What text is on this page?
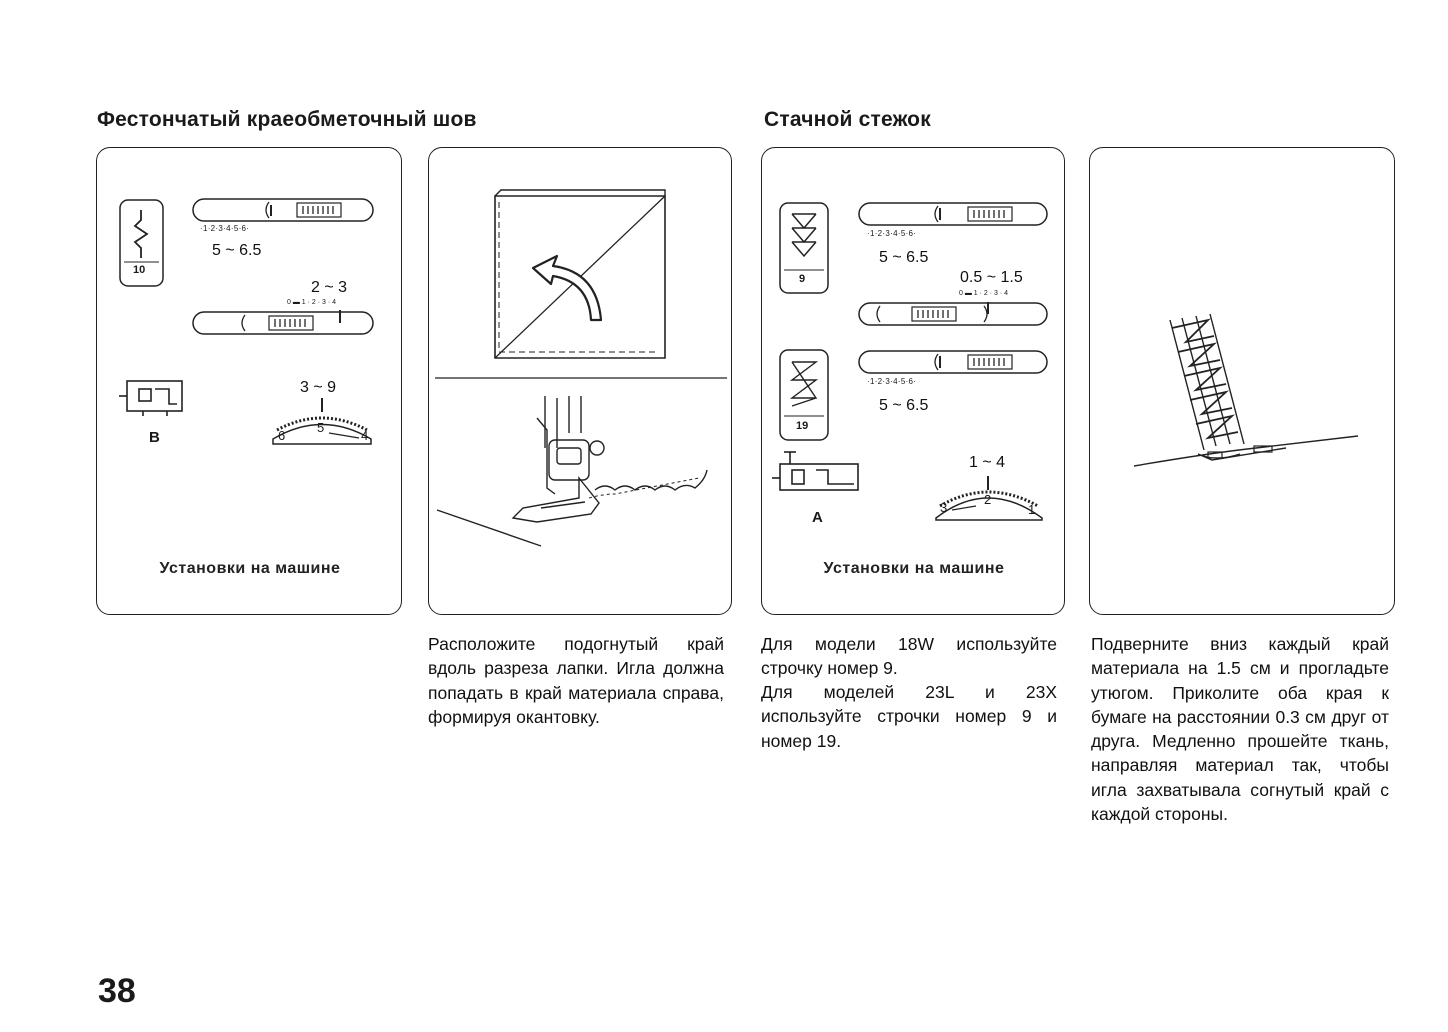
Фестончатый краеобметочный шов	Стачной стежок
·1·2·3·4·5·6·
5 ~ 6.5
2 ~ 3
0 ▬ 1 · 2 · 3 · 4
10
B
3 ~ 9
6
5
4
Установки на машине
·1·2·3·4·5·6·
5 ~ 6.5
0.5 ~ 1.5
0 ▬ 1 · 2 · 3 · 4
·1·2·3·4·5·6·
5 ~ 6.5
9
19
A
1 ~ 4
3
2
1
Установки на машине
Расположите подогнутый край вдоль разреза лапки. Игла должна попадать в край материала справа, формируя окантовку.
Для модели 18W используйте строчку номер 9.
Для моделей 23L и 23X используйте строчки номер 9 и номер 19.
Подверните вниз каждый край материала на 1.5 см и прогладьте утюгом. Приколите оба края к бумаге на расстоянии 0.3 см друг от друга. Медленно прошейте ткань, направляя материал так, чтобы игла захватывала согнутый край с каждой стороны.
38
